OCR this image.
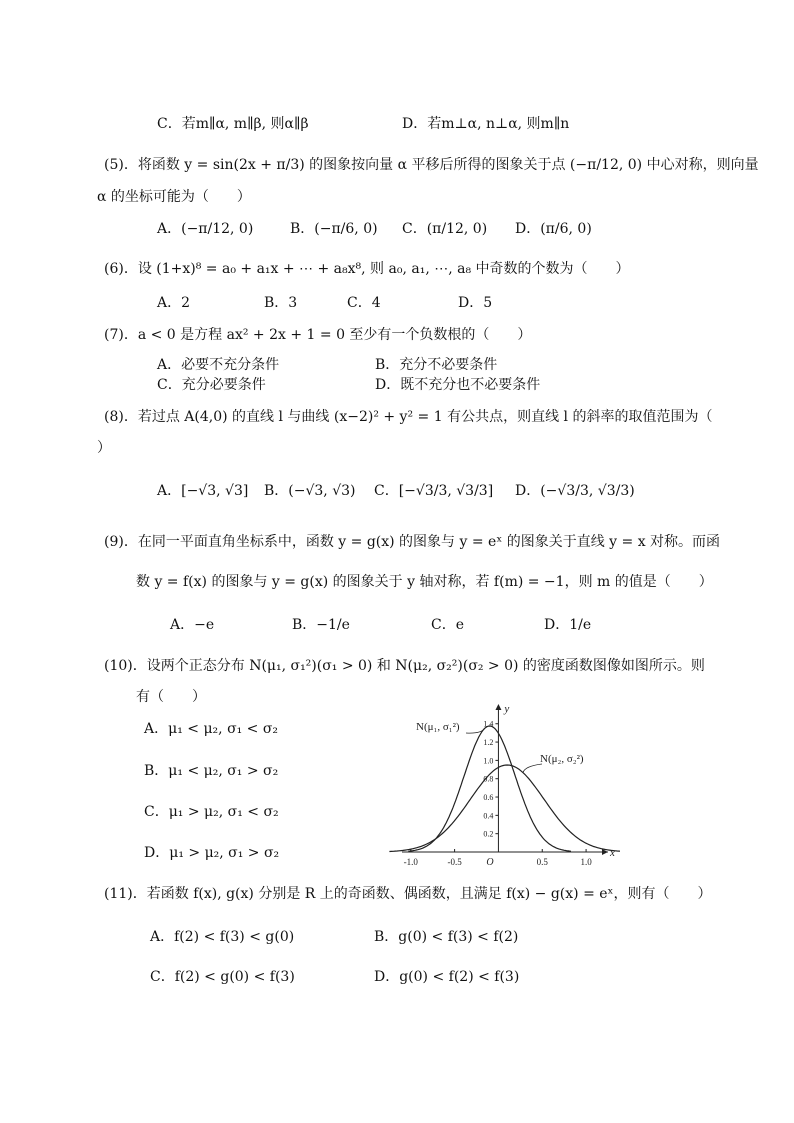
C．若m∥α, m∥β, 则α∥β	D．若m⊥α, n⊥α, 则m∥n
(5)．将函数 y = sin(2x + π/3) 的图象按向量 α 平移后所得的图象关于点 (−π/12, 0) 中心对称，则向量
α 的坐标可能为（　　）
A．(−π/12, 0)	B．(−π/6, 0) C．(π/12, 0) D．(π/6, 0)
(6)．设 (1+x)⁸ = a₀ + a₁x + ⋯ + a₈x⁸, 则 a₀, a₁, ⋯, a₈ 中奇数的个数为（　　）
A．2	B．3	C．4	D．5
(7)．a < 0 是方程 ax² + 2x + 1 = 0 至少有一个负数根的（　　）
A．必要不充分条件	B．充分不必要条件
C．充分必要条件	D．既不充分也不必要条件
(8)．若过点 A(4,0) 的直线 l 与曲线 (x−2)² + y² = 1 有公共点，则直线 l 的斜率的取值范围为（
）
A．[−√3, √3] B．(−√3, √3) C．[−√3/3, √3/3] D．(−√3/3, √3/3)
(9)．在同一平面直角坐标系中，函数 y = g(x) 的图象与 y = eˣ 的图象关于直线 y = x 对称。而函
数 y = f(x) 的图象与 y = g(x) 的图象关于 y 轴对称，若 f(m) = −1，则 m 的值是（　　）
A．−e	B．−1/e	C．e	D．1/e
(10)．设两个正态分布 N(μ₁, σ₁²)(σ₁ > 0) 和 N(μ₂, σ₂²)(σ₂ > 0) 的密度函数图像如图所示。则
有（　　）
A．μ₁ < μ₂, σ₁ < σ₂
B．μ₁ < μ₂, σ₁ > σ₂
C．μ₁ > μ₂, σ₁ < σ₂
D．μ₁ > μ₂, σ₁ > σ₂	x
y
O
-1.0	-0.5	0.5	1.0
0.2
0.4
0.6
0.8
1.0
1.2
1.4
N(μ₁, σ₁²)
N(μ₂, σ₂²)
(11)．若函数 f(x), g(x) 分别是 R 上的奇函数、偶函数，且满足 f(x) − g(x) = eˣ，则有（　　）
A．f(2) < f(3) < g(0)	B．g(0) < f(3) < f(2)
C．f(2) < g(0) < f(3)	D．g(0) < f(2) < f(3)
